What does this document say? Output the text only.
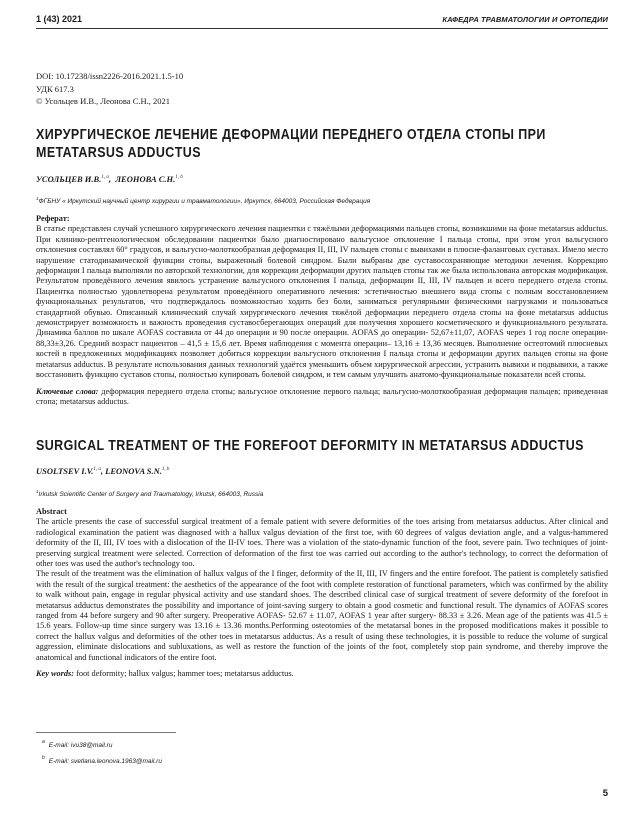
1 (43) 2021	КАФЕДРА ТРАВМАТОЛОГИИ И ОРТОПЕДИИ
DOI: 10.17238/issn2226-2016.2021.1.5-10
УДК 617.3
© Усольцев И.В., Леонова С.Н., 2021
ХИРУРГИЧЕСКОЕ ЛЕЧЕНИЕ ДЕФОРМАЦИИ ПЕРЕДНЕГО ОТДЕЛА СТОПЫ ПРИ
METATARSUS ADDUCTUS
УСОЛЬЦЕВ И.В.$^{1, a}$,  ЛЕОНОВА С.Н.$^{1, b}$
$^1$ФГБНУ « Иркутский научный центр хирургии и травматологии», Иркутск, 664003, Российская Федерация

Реферат:

В статье представлен случай успешного хирургического лечения пациентки с тяжёлыми деформациями пальцев стопы, возникшими на фоне metatarsus adductus. При клинико-рентгенологическом обследовании пациентки было диагностировано вальгусное отклонение I пальца стопы, при этом угол вальгусного отклонения составлял 60° градусов, и вальгусно-молоткообразная деформация II, III, IV пальцев стопы с вывихами в плюсне-фаланговых суставах. Имело место нарушение статодинамической функции стопы, выраженный болевой синдром. Были выбраны две суставосохраняющие методики лечения. Коррекцию деформации I пальца выполняли по авторской технологии, для коррекции деформации других пальцев стопы так же была использована авторская модификация. Результатом проведённого лечения явилось устранение вальгусного отклонения I пальца, деформации II, III, IV пальцев и всего переднего отдела стопы. Пациентка полностью удовлетворена результатом проведённого оперативного лечения: эстетичностью внешнего вида стопы с полным восстановлением функциональных результатов, что подтверждалось возможностью ходить без боли, заниматься регулярными физическими нагрузками и пользоваться стандартной обувью. Описанный клинический случай хирургического лечения тяжёлой деформации переднего отдела стопы на фоне metatarsus adductus демонстрирует возможность и важность проведения суставосберегающих операций для получения хорошего косметического и функционального результата. Динамика баллов по шкале AOFAS составила от 44 до операции и 90 после операции. AOFAS до операции- 52,67±11,07, AOFAS через 1 год после операции- 88,33±3,26. Средний возраст пациентов – 41,5 ± 15,6 лет. Время наблюдения с момента операции– 13,16 ± 13,36 месяцев. Выполнение остеотомий плюсневых костей в предложенных модификациях позволяет добиться коррекции вальгусного отклонения I пальца стопы и деформации других пальцев стопы на фоне metatarsus adductus. В результате использования данных технологий удаётся уменьшить объем хирургической агрессии, устранить вывихи и подвывихи, а также восстановить функцию суставов стопы, полностью купировать болевой синдром, и тем самым улучшить анатомо-функциональные показатели всей стопы.

Ключевые слова: деформация переднего отдела стопы; вальгусное отклонение первого пальца; вальгусно-молоткообразная деформация пальцев; приведенная стопа; metatarsus adductus.

SURGICAL TREATMENT OF THE FOREFOOT DEFORMITY IN METATARSUS ADDUCTUS
USOLTSEV I.V.$^{1, a}$, LEONOVA S.N.$^{1, b}$
$^1$Irkutsk Scientific Center of Surgery and Traumatology, Irkutsk, 664003, Russia

Abstract

The article presents the case of successful surgical treatment of a female patient with severe deformities of the toes arising from metatarsus adductus. After clinical and radiological examination the patient was diagnosed with a hallux valgus deviation of the first toe, with 60 degrees of valgus deviation angle, and a valgus-hammered deformity of the II, III, IV toes with a dislocation of the II-IV toes. There was a violation of the stato-dynamic function of the foot, severe pain. Two techniques of joint-preserving surgical treatment were selected. Correction of deformation of the first toe was carried out according to the author's technology, to correct the deformation of other toes was used the author's technology too.

The result of the treatment was the elimination of hallux valgus of the I finger, deformity of the II, III, IV fingers and the entire forefoot. The patient is completely satisfied with the result of the surgical treatment: the aesthetics of the appearance of the foot with complete restoration of functional parameters, which was confirmed by the ability to walk without pain, engage in regular physical activity and use standard shoes. The described clinical case of surgical treatment of severe deformity of the forefoot in metatarsus adductus demonstrates the possibility and importance of joint-saving surgery to obtain a good cosmetic and functional result. The dynamics of AOFAS scores ranged from 44 before surgery and 90 after surgery. Preoperative AOFAS- 52.67 ± 11.07, AOFAS 1 year after surgery- 88.33 ± 3.26. Mean age of the patients was 41.5 ± 15.6 years. Follow-up time since surgery was 13.16 ± 13.36 months.Performing osteotomies of the metatarsal bones in the proposed modifications makes it possible to correct the hallux valgus and deformities of the other toes in metatarsus adductus. As a result of using these technologies, it is possible to reduce the volume of surgical aggression, eliminate dislocations and subluxations, as well as restore the function of the joints of the foot, completely stop pain syndrome, and thereby improve the anatomical and functional indicators of the entire foot.

Key words: foot deformity; hallux valgus; hammer toes; metatarsus adductus.

$^a$E-mail: ivu38@mail.ru
$^b$E-mail: svetlana.leonova.1963@mail.ru
5
